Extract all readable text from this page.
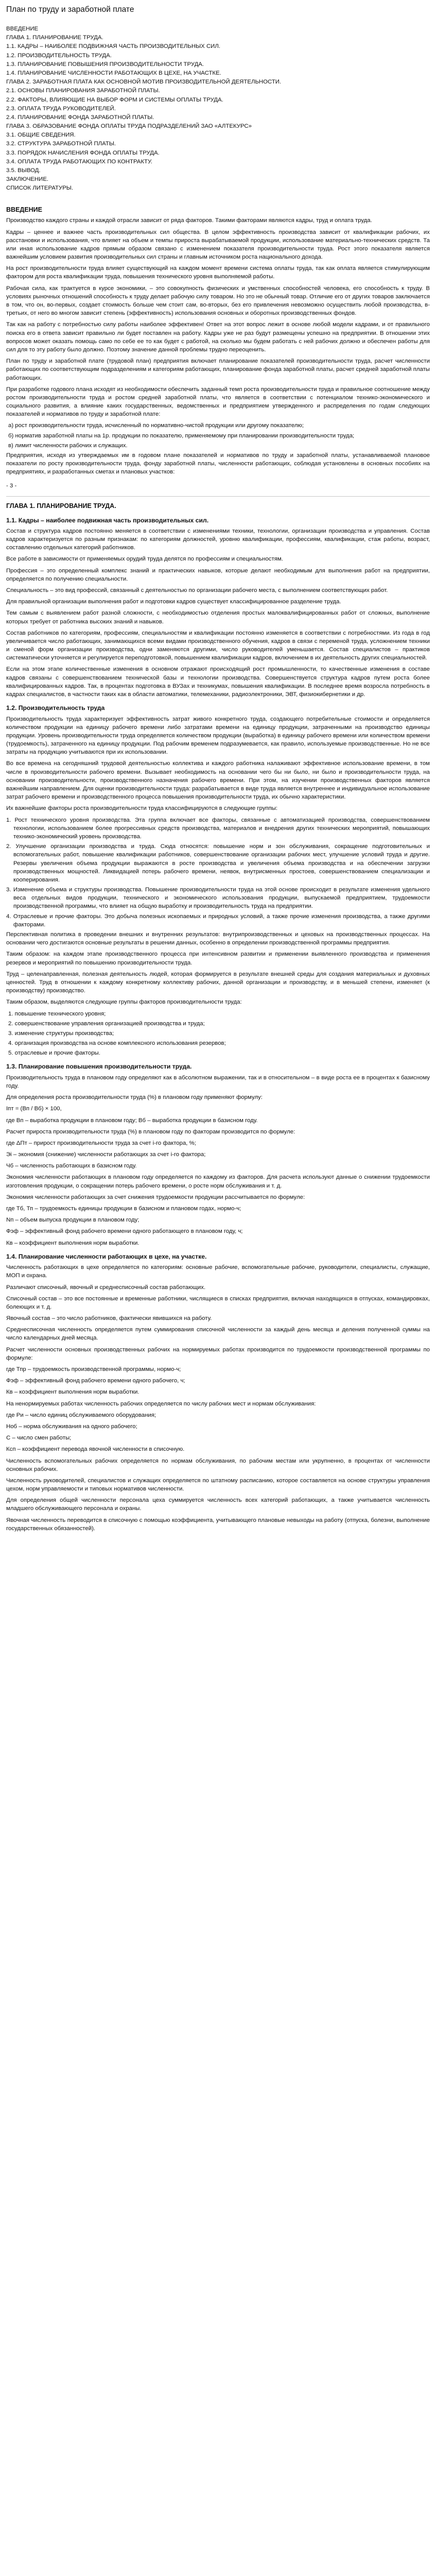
План по труду и заработной плате
ВВЕДЕНИЕ
ГЛАВА 1. ПЛАНИРОВАНИЕ ТРУДА.
1.1. КАДРЫ – НАИБОЛЕЕ ПОДВИЖНАЯ ЧАСТЬ ПРОИЗВОДИТЕЛЬНЫХ СИЛ.
1.2. ПРОИЗВОДИТЕЛЬНОСТЬ ТРУДА.
1.3. ПЛАНИРОВАНИЕ ПОВЫШЕНИЯ ПРОИЗВОДИТЕЛЬНОСТИ ТРУДА.
1.4. ПЛАНИРОВАНИЕ ЧИСЛЕННОСТИ РАБОТАЮЩИХ В ЦЕХЕ, НА УЧАСТКЕ.
ГЛАВА 2. ЗАРАБОТНАЯ ПЛАТА КАК ОСНОВНОЙ МОТИВ ПРОИЗВОДИТЕЛЬНОЙ ДЕЯТЕЛЬНОСТИ.
2.1. ОСНОВЫ ПЛАНИРОВАНИЯ ЗАРАБОТНОЙ ПЛАТЫ.
2.2. ФАКТОРЫ, ВЛИЯЮЩИЕ НА ВЫБОР ФОРМ И СИСТЕМЫ ОПЛАТЫ ТРУДА.
2.3. ОПЛАТА ТРУДА РУКОВОДИТЕЛЕЙ.
2.4. ПЛАНИРОВАНИЕ ФОНДА ЗАРАБОТНОЙ ПЛАТЫ.
ГЛАВА 3. ОБРАЗОВАНИЕ ФОНДА ОПЛАТЫ ТРУДА ПОДРАЗДЕЛЕНИЙ ЗАО «АЛТЕКУРС»
3.1. ОБЩИЕ СВЕДЕНИЯ.
3.2. СТРУКТУРА ЗАРАБОТНОЙ ПЛАТЫ.
3.3. ПОРЯДОК НАЧИСЛЕНИЯ ФОНДА ОПЛАТЫ ТРУДА.
3.4. ОПЛАТА ТРУДА РАБОТАЮЩИХ ПО КОНТРАКТУ.
3.5. ВЫВОД.
ЗАКЛЮЧЕНИЕ.
СПИСОК ЛИТЕРАТУРЫ.
ВВЕДЕНИЕ

Производство каждого страны и каждой отрасли зависит от ряда факторов. Такими факторами являются кадры, труд и оплата труда.

Кадры – ценнее и важнее часть производительных сил общества. В целом эффективность производства зависит от квалификации рабочих, их расстановки и использования, что влияет на объем и темпы прироста вырабатываемой продукции, использование материально-технических средств. Та или иная использование кадров прямым образом связано с изменением показателя производительности труда. Рост этого показателя является важнейшим условием развития производительных сил страны и главным источником роста национального дохода.

На рост производительности труда влияет существующий на каждом момент времени система оплаты труда, так как оплата является стимулирующим фактором для роста квалификации труда, повышения технического уровня выполняемой работы.

Рабочая сила, как трактуется в курсе экономики, – это совокупность физических и умственных способностей человека, его способность к труду. В условиях рыночных отношений способность к труду делает рабочую силу товаром. Но это не обычный товар. Отличие его от других товаров заключается в том, что он, во-первых, создает стоимость больше чем стоит сам, во-вторых, без его привлечения невозможно осуществить любой производства, в-третьих, от него во многом зависит степень (эффективность) использования основных и оборотных производственных фондов.

Так как на работу с потребностью силу работы наиболее эффективен! Ответ на этот вопрос лежит в основе любой модели кадрами, и от правильного поиска его в ответа зависит правильно ли будет поставлен на работу. Кадры уже не раз будут размещены успешно на предприятии. В отношении этих вопросов может оказать помощь само по себе ее то как будет с работой, на сколько мы будем работать с ней рабочих должно и обеспечен работы для сил для то эту работу было должно. Поэтому значение данной проблемы трудно переоценить.

План по труду и заработной плате (трудовой план) предприятия включает планирование показателей производительности труда, расчет численности работающих по соответствующим подразделениям и категориям работающих, планирование фонда заработной платы, расчет средней заработной платы работающих.

При разработке годового плана исходят из необходимости обеспечить заданный темп роста производительности труда и правильное соотношение между ростом производительности труда и ростом средней заработной платы, что является в соответствии с потенциалом технико-экономического и социального развития, а влияние каких государственных, ведомственных и предприятием утвержденного и распределения по годам следующих показателей и нормативов по труду и заработной плате:

а) рост производительности труда, исчисленный по нормативно-чистой продукции или другому показателю;

б) норматив заработной платы на 1р. продукции по показателю, применяемому при планировании производительности труда;

в) лимит численности рабочих и служащих.

Предприятия, исходя из утверждаемых им в годовом плане показателей и нормативов по труду и заработной платы, устанавливаемой плановое показатели по росту производительности труда, фонду заработной платы, численности работающих, соблюдая установлены в основных пособиях на предприятиях, и разработанных сметах и плановых участков:

- 3 -
ГЛАВА 1. ПЛАНИРОВАНИЕ ТРУДА.
1.1. Кадры – наиболее подвижная часть производительных сил.

Состав и структура кадров постоянно меняется в соответствии с изменениями техники, технологии, организации производства и управления. Состав кадров характеризуется по разным признакам: по категориям должностей, уровню квалификации, профессиям, квалификации, стаж работы, возраст, составлению отдельных категорий работников.

Все работе в зависимости от применяемых орудий труда делятся по профессиям и специальностям.

Профессия – это определенный комплекс знаний и практических навыков, которые делают необходимым для выполнения работ на предприятии, определяется по получению специальности.

Специальность – это вид профессий, связанный с деятельностью по организации рабочего места, с выполнением соответствующих работ.

Для правильной организации выполнения работ и подготовки кадров существует классифицированное разделение труда.

Тем самым с выявлением работ разной сложности, с необходимостью отделения простых малоквалифицированных работ от сложных, выполнение которых требует от работника высоких знаний и навыков.

Состав работников по категориям, профессиям, специальностям и квалификации постоянно изменяется в соответствии с потребностями. Из года в год увеличивается число работающих, занимающихся всеми видами производственного обучения, кадров в связи с переменой труда, усложнением техники и сменой форм организации производства, одни заменяются другими, число руководителей уменьшается. Состав специалистов – практиков систематически уточняется и регулируется переподготовкой, повышением квалификации кадров, включением в их деятельность других специальностей.

Если на этом этапе количественные изменения в основном отражают происходящий рост промышленности, то качественные изменения в составе кадров связаны с совершенствованием технической базы и технологии производства. Совершенствуется структура кадров путем роста более квалифицированных кадров. Так, в процентах подготовка в ВУЗах и техникумах, повышения квалификации. В последнее время возросла потребность в кадрах специалистов, в частности таких как в области автоматики, телемеханики, радиоэлектроники, ЭВТ, физиокибернетики и др.

1.2. Производительность труда

Производительность труда характеризует эффективность затрат живого конкретного труда, создающего потребительные стоимости и определяется количеством продукции на единицу рабочего времени либо затратами времени на единицу продукции, затраченными на производство единицы продукции. Уровень производительности труда определяется количеством продукции (выработка) в единицу рабочего времени или количеством времени (трудоемкость), затраченного на единицу продукции. Под рабочим временем подразумевается, как правило, используемые производственные. Но не все затраты на продукцию учитываются при их использовании.

Во все времена на сегодняшний трудовой деятельностью коллектива и каждого работника налаживают эффективное использование времени, в том числе в производительности рабочего времени. Вызывает необходимость на основании чего бы ни было, ни было и производительности труда, на основании производительности, производственного назначения рабочего времени. При этом, на изучении производственных факторов является важнейшим направлением. Для оценки производительности труда: разрабатывается в виде труда является внутреннее и индивидуальное использование затрат рабочего времени и производственного процесса повышения производительности труда, их обычно характеристики.

Их важнейшие факторы роста производительности труда классифицируются в следующие группы:

1. Рост технического уровня производства. Эта группа включает все факторы, связанные с автоматизацией производства, совершенствованием технологии, использованием более прогрессивных средств производства, материалов и внедрения других технических мероприятий, повышающих технико-экономический уровень производства.

2. Улучшение организации производства и труда. Сюда относятся: повышение норм и зон обслуживания, сокращение подготовительных и вспомогательных работ, повышение квалификации работников, совершенствование организации рабочих мест, улучшение условий труда и другие. Резервы увеличения объема продукции выражаются в росте производства и увеличения объема производства и на обеспечении загрузки производственных мощностей. Ликвидацией потерь рабочего времени, неявок, внутрисменных простоев, совершенствованием специализации и кооперирования.

3. Изменение объема и структуры производства. Повышение производительности труда на этой основе происходит в результате изменения удельного веса отдельных видов продукции, технического и экономического использования продукции, выпускаемой предприятием, трудоемкости производственной программы, что влияет на общую выработку и производительность труда на предприятии.

4. Отраслевые и прочие факторы. Это добыча полезных ископаемых и природных условий, а также прочие изменения производства, а также другими факторами.

Перспективная политика в проведении внешних и внутренних результатов: внутрипроизводственных и цеховых на производственных процессах. На основании чего достигаются основные результаты в решении данных, особенно в определении производственной программы предприятия.

Таким образом: на каждом этапе производственного процесса при интенсивном развитии и применении выявленного производства и применения резервов и мероприятий по повышению производительности труда.

Труд – целенаправленная, полезная деятельность людей, которая формируется в результате внешней среды для создания материальных и духовных ценностей. Труд в отношении к каждому конкретному коллективу рабочих, данной организации и производству, и в меньшей степени, изменяет (к производству) производство.

Таким образом, выделяются следующие группы факторов производительности труда:

1. повышение технического уровня;

2. совершенствование управления организацией производства и труда;

3. изменение структуры производства;

4. организация производства на основе комплексного использования резервов;

5. отраслевые и прочие факторы.

1.3. Планирование повышения производительности труда.

Производительность труда в плановом году определяют как в абсолютном выражении, так и в относительном – в виде роста ее в процентах к базисному году.

Для определения роста производительности труда (%) в плановом году применяют формулу:

Iпт = (Вп / Вб) × 100,

где Вп – выработка продукции в плановом году; Вб – выработка продукции в базисном году.

Расчет прироста производительности труда (%) в плановом году по факторам производится по формуле:

где ΔПт – прирост производительности труда за счет i-го фактора, %;

Эi – экономия (снижение) численности работающих за счет i-го фактора;

Чб – численность работающих в базисном году.

Экономия численности работающих в плановом году определяется по каждому из факторов. Для расчета используют данные о снижении трудоемкости изготовления продукции, о сокращении потерь рабочего времени, о росте норм обслуживания и т. д.

Экономия численности работающих за счет снижения трудоемкости продукции рассчитывается по формуле:

где Тб, Тп – трудоемкость единицы продукции в базисном и плановом годах, нормо-ч;

Nп – объем выпуска продукции в плановом году;

Фэф – эффективный фонд рабочего времени одного работающего в плановом году, ч;

Кв – коэффициент выполнения норм выработки.

1.4. Планирование численности работающих в цехе, на участке.

Численность работающих в цехе определяется по категориям: основные рабочие, вспомогательные рабочие, руководители, специалисты, служащие, МОП и охрана.

Различают списочный, явочный и среднесписочный состав работающих.

Списочный состав – это все постоянные и временные работники, числящиеся в списках предприятия, включая находящихся в отпусках, командировках, болеющих и т. д.

Явочный состав – это число работников, фактически явившихся на работу.

Среднесписочная численность определяется путем суммирования списочной численности за каждый день месяца и деления полученной суммы на число календарных дней месяца.

Расчет численности основных производственных рабочих на нормируемых работах производится по трудоемкости производственной программы по формуле:

где Тпр – трудоемкость производственной программы, нормо-ч;

Фэф – эффективный фонд рабочего времени одного рабочего, ч;

Кв – коэффициент выполнения норм выработки.

На ненормируемых работах численность рабочих определяется по числу рабочих мест и нормам обслуживания:

где Ри – число единиц обслуживаемого оборудования;

Ноб – норма обслуживания на одного рабочего;

С – число смен работы;

Ксп – коэффициент перевода явочной численности в списочную.

Численность вспомогательных рабочих определяется по нормам обслуживания, по рабочим местам или укрупненно, в процентах от численности основных рабочих.

Численность руководителей, специалистов и служащих определяется по штатному расписанию, которое составляется на основе структуры управления цехом, норм управляемости и типовых нормативов численности.

Для определения общей численности персонала цеха суммируется численность всех категорий работающих, а также учитывается численность младшего обслуживающего персонала и охраны.

Явочная численность переводится в списочную с помощью коэффициента, учитывающего плановые невыходы на работу (отпуска, болезни, выполнение государственных обязанностей).
